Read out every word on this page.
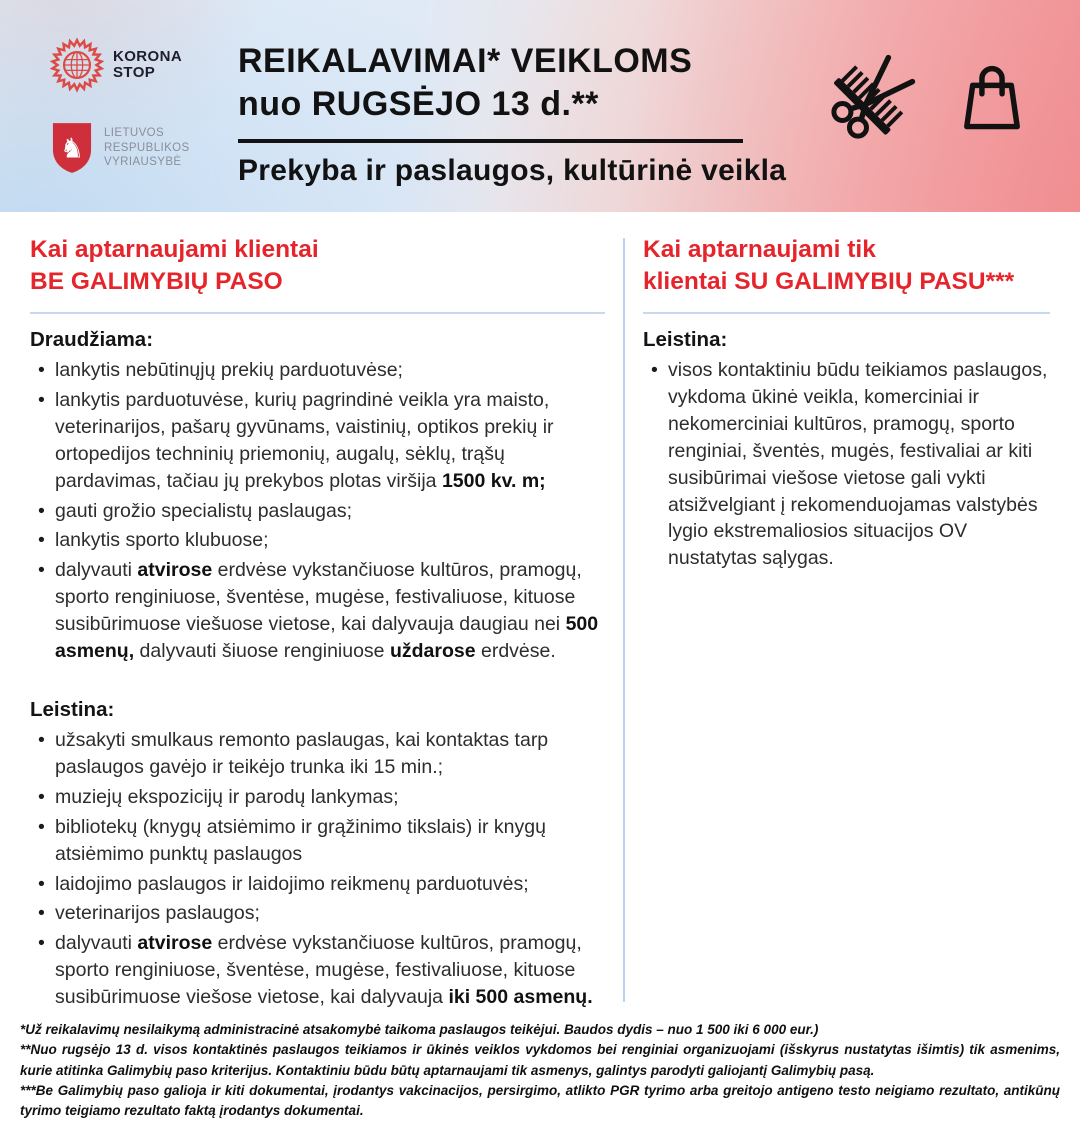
KORONA
STOP
♞
LIETUVOS
RESPUBLIKOS
VYRIAUSYBĖ
REIKALAVIMAI* VEIKLOMS
nuo RUGSĖJO 13 d.**
Prekyba ir paslaugos, kultūrinė veikla
Kai aptarnaujami klientai
BE GALIMYBIŲ PASO

Draudžiama:

• lankytis nebūtinųjų prekių parduotuvėse;
• lankytis parduotuvėse, kurių pagrindinė veikla yra maisto, veterinarijos, pašarų gyvūnams, vaistinių, optikos prekių ir ortopedijos techninių priemonių, augalų, sėklų, trąšų pardavimas, tačiau jų prekybos plotas viršija 1500 kv. m;
• gauti grožio specialistų paslaugas;
• lankytis sporto klubuose;
• dalyvauti atvirose erdvėse vykstančiuose kultūros, pramogų, sporto renginiuose, šventėse, mugėse, festivaliuose, kituose susibūrimuose viešuose vietose, kai dalyvauja daugiau nei 500 asmenų, dalyvauti šiuose renginiuose uždarose erdvėse.

Leistina:

• užsakyti smulkaus remonto paslaugas, kai kontaktas tarp paslaugos gavėjo ir teikėjo trunka iki 15 min.;
• muziejų ekspozicijų ir parodų lankymas;
• bibliotekų (knygų atsiėmimo ir grąžinimo tikslais) ir knygų atsiėmimo punktų paslaugos
• laidojimo paslaugos ir laidojimo reikmenų parduotuvės;
• veterinarijos paslaugos;
• dalyvauti atvirose erdvėse vykstančiuose kultūros, pramogų, sporto renginiuose, šventėse, mugėse, festivaliuose, kituose susibūrimuose viešose vietose, kai dalyvauja iki 500 asmenų.
Kai aptarnaujami tik
klientai SU GALIMYBIŲ PASU***

Leistina:

• visos kontaktiniu būdu teikiamos paslaugos, vykdoma ūkinė veikla, komerciniai ir nekomerciniai kultūros, pramogų, sporto renginiai, šventės, mugės, festivaliai ar kiti susibūrimai viešose vietose gali vykti atsižvelgiant į rekomenduojamas valstybės lygio ekstremaliosios situacijos OV nustatytas sąlygas.

*Už reikalavimų nesilaikymą administracinė atsakomybė taikoma paslaugos teikėjui. Baudos dydis – nuo 1 500 iki 6 000 eur.)

**Nuo rugsėjo 13 d. visos kontaktinės paslaugos teikiamos ir ūkinės veiklos vykdomos bei renginiai organizuojami (išskyrus nustatytas išimtis) tik asmenims, kurie atitinka Galimybių paso kriterijus. Kontaktiniu būdu būtų aptarnaujami tik asmenys, galintys parodyti galiojantį Galimybių pasą.

***Be Galimybių paso galioja ir kiti dokumentai, įrodantys vakcinacijos, persirgimo, atlikto PGR tyrimo arba greitojo antigeno testo neigiamo rezultato, antikūnų tyrimo teigiamo rezultato faktą įrodantys dokumentai.
